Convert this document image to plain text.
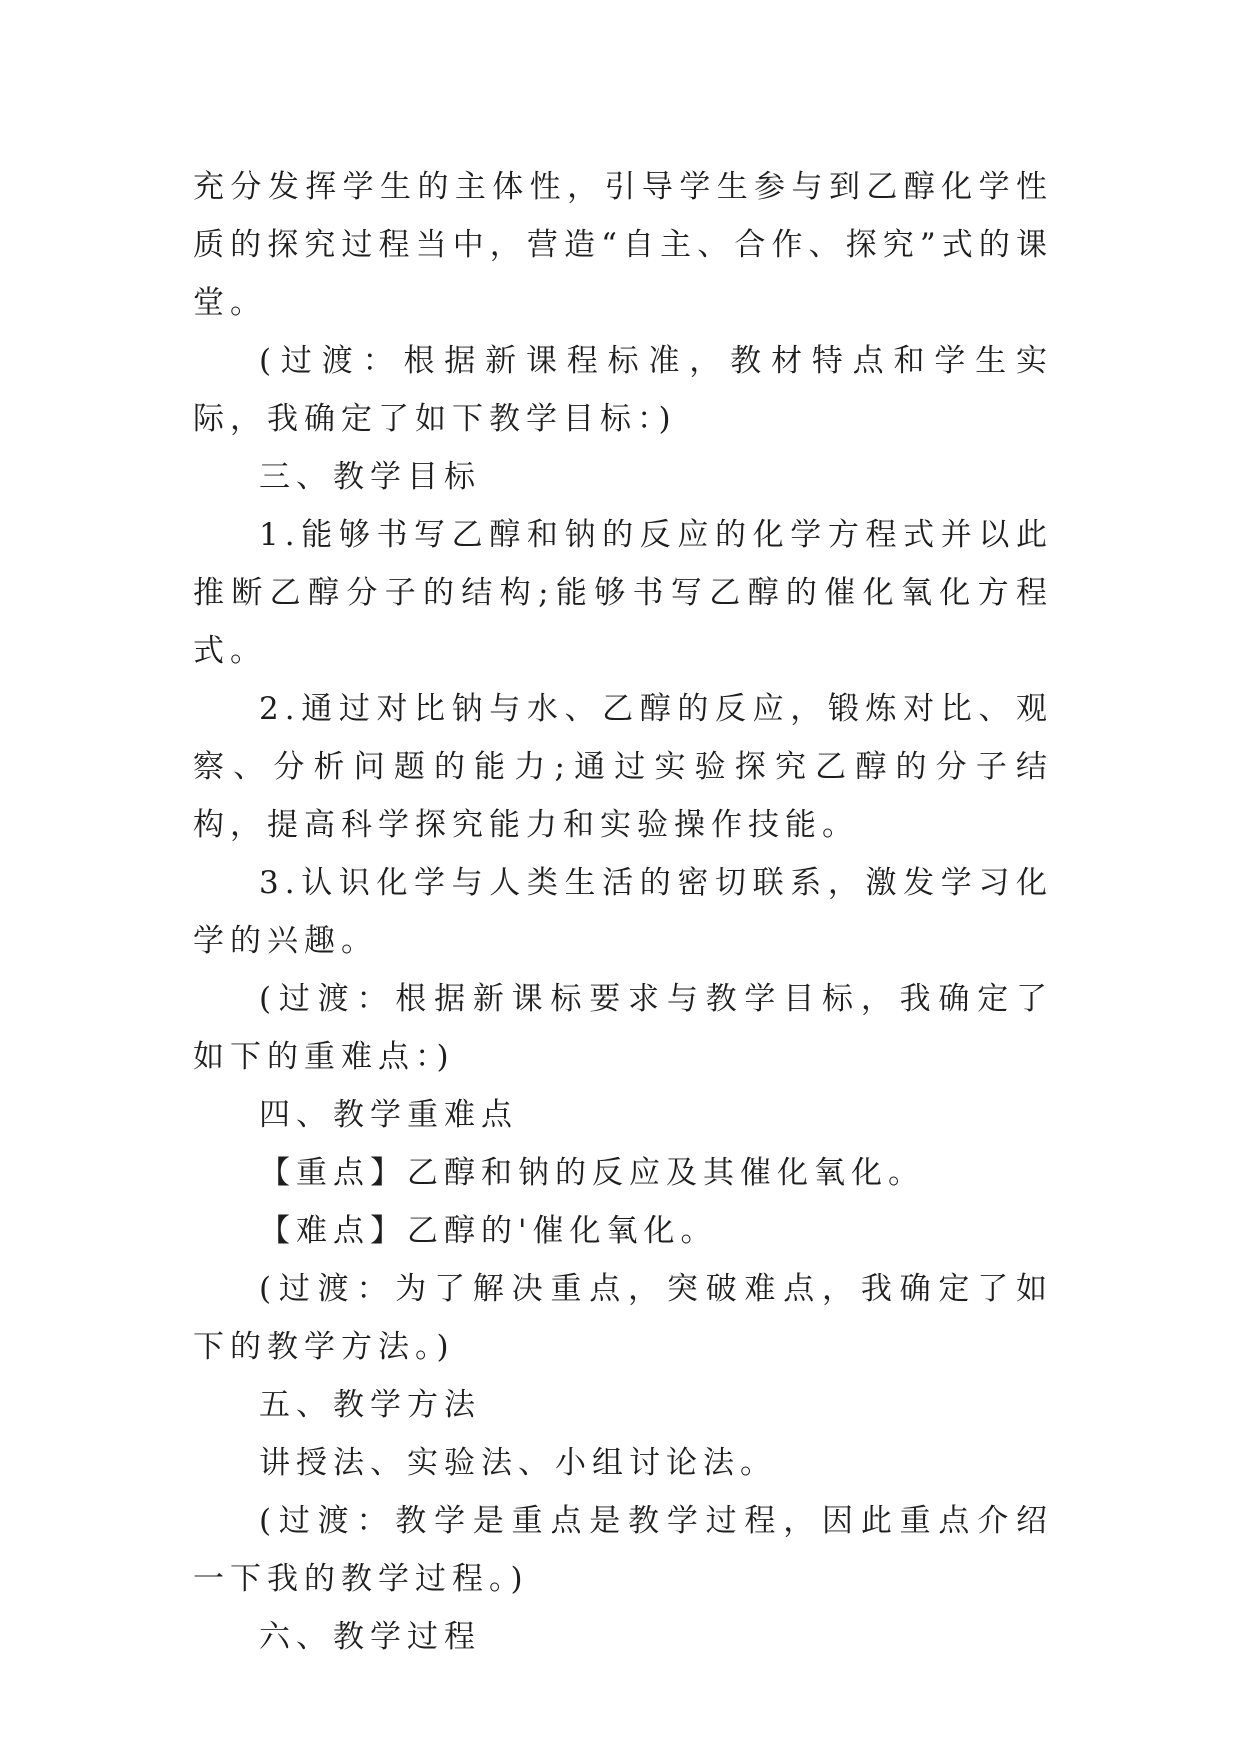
充分发挥学生的主体性，引导学生参与到乙醇化学性质的探究过程当中，营造“自主、合作、探究”式的课堂。

(过渡：根据新课程标准，教材特点和学生实际，我确定了如下教学目标：)

三、教学目标

1.能够书写乙醇和钠的反应的化学方程式并以此推断乙醇分子的结构;能够书写乙醇的催化氧化方程式。

2.通过对比钠与水、乙醇的反应，锻炼对比、观察、分析问题的能力;通过实验探究乙醇的分子结构，提高科学探究能力和实验操作技能。

3.认识化学与人类生活的密切联系，激发学习化学的兴趣。

(过渡：根据新课标要求与教学目标，我确定了如下的重难点：)

四、教学重难点

【重点】乙醇和钠的反应及其催化氧化。

【难点】乙醇的'催化氧化。

(过渡：为了解决重点，突破难点，我确定了如下的教学方法。)

五、教学方法

讲授法、实验法、小组讨论法。

(过渡：教学是重点是教学过程，因此重点介绍一下我的教学过程。)

六、教学过程
